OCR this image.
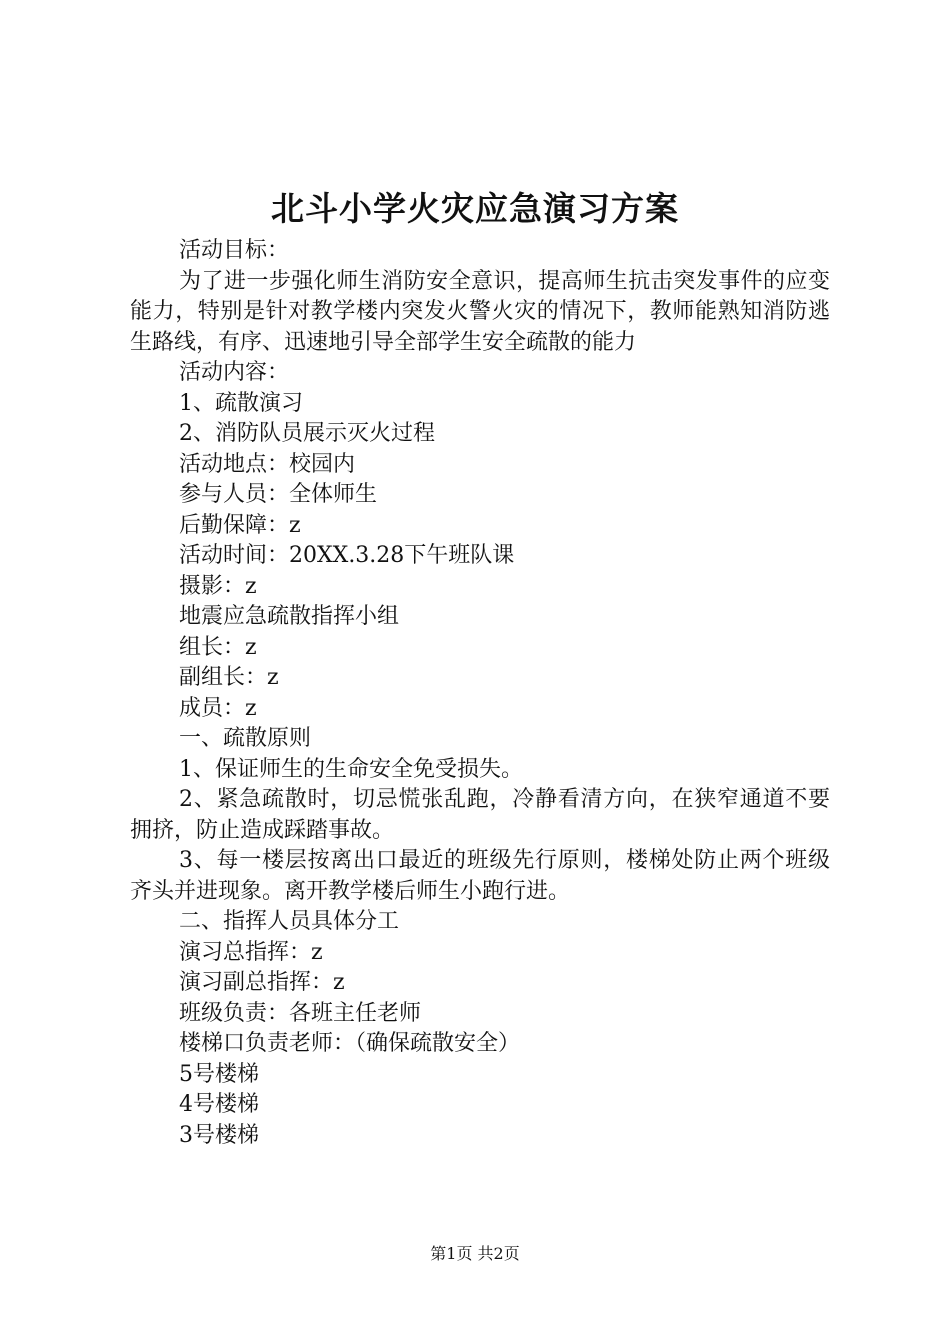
北斗小学火灾应急演习方案

活动目标：

为了进一步强化师生消防安全意识，提高师生抗击突发事件的应变能力，特别是针对教学楼内突发火警火灾的情况下，教师能熟知消防逃生路线，有序、迅速地引导全部学生安全疏散的能力

活动内容：

1、疏散演习

2、消防队员展示灭火过程

活动地点：校园内

参与人员：全体师生

后勤保障：z

活动时间：20XX.3.28下午班队课

摄影：z

地震应急疏散指挥小组

组长：z

副组长：z

成员：z

一、疏散原则

1、保证师生的生命安全免受损失。

2、紧急疏散时，切忌慌张乱跑，冷静看清方向，在狭窄通道不要拥挤，防止造成踩踏事故。

3、每一楼层按离出口最近的班级先行原则，楼梯处防止两个班级齐头并进现象。离开教学楼后师生小跑行进。

二、指挥人员具体分工

演习总指挥：z

演习副总指挥：z

班级负责：各班主任老师

楼梯口负责老师：（确保疏散安全）

5号楼梯

4号楼梯

3号楼梯

第1页 共2页
